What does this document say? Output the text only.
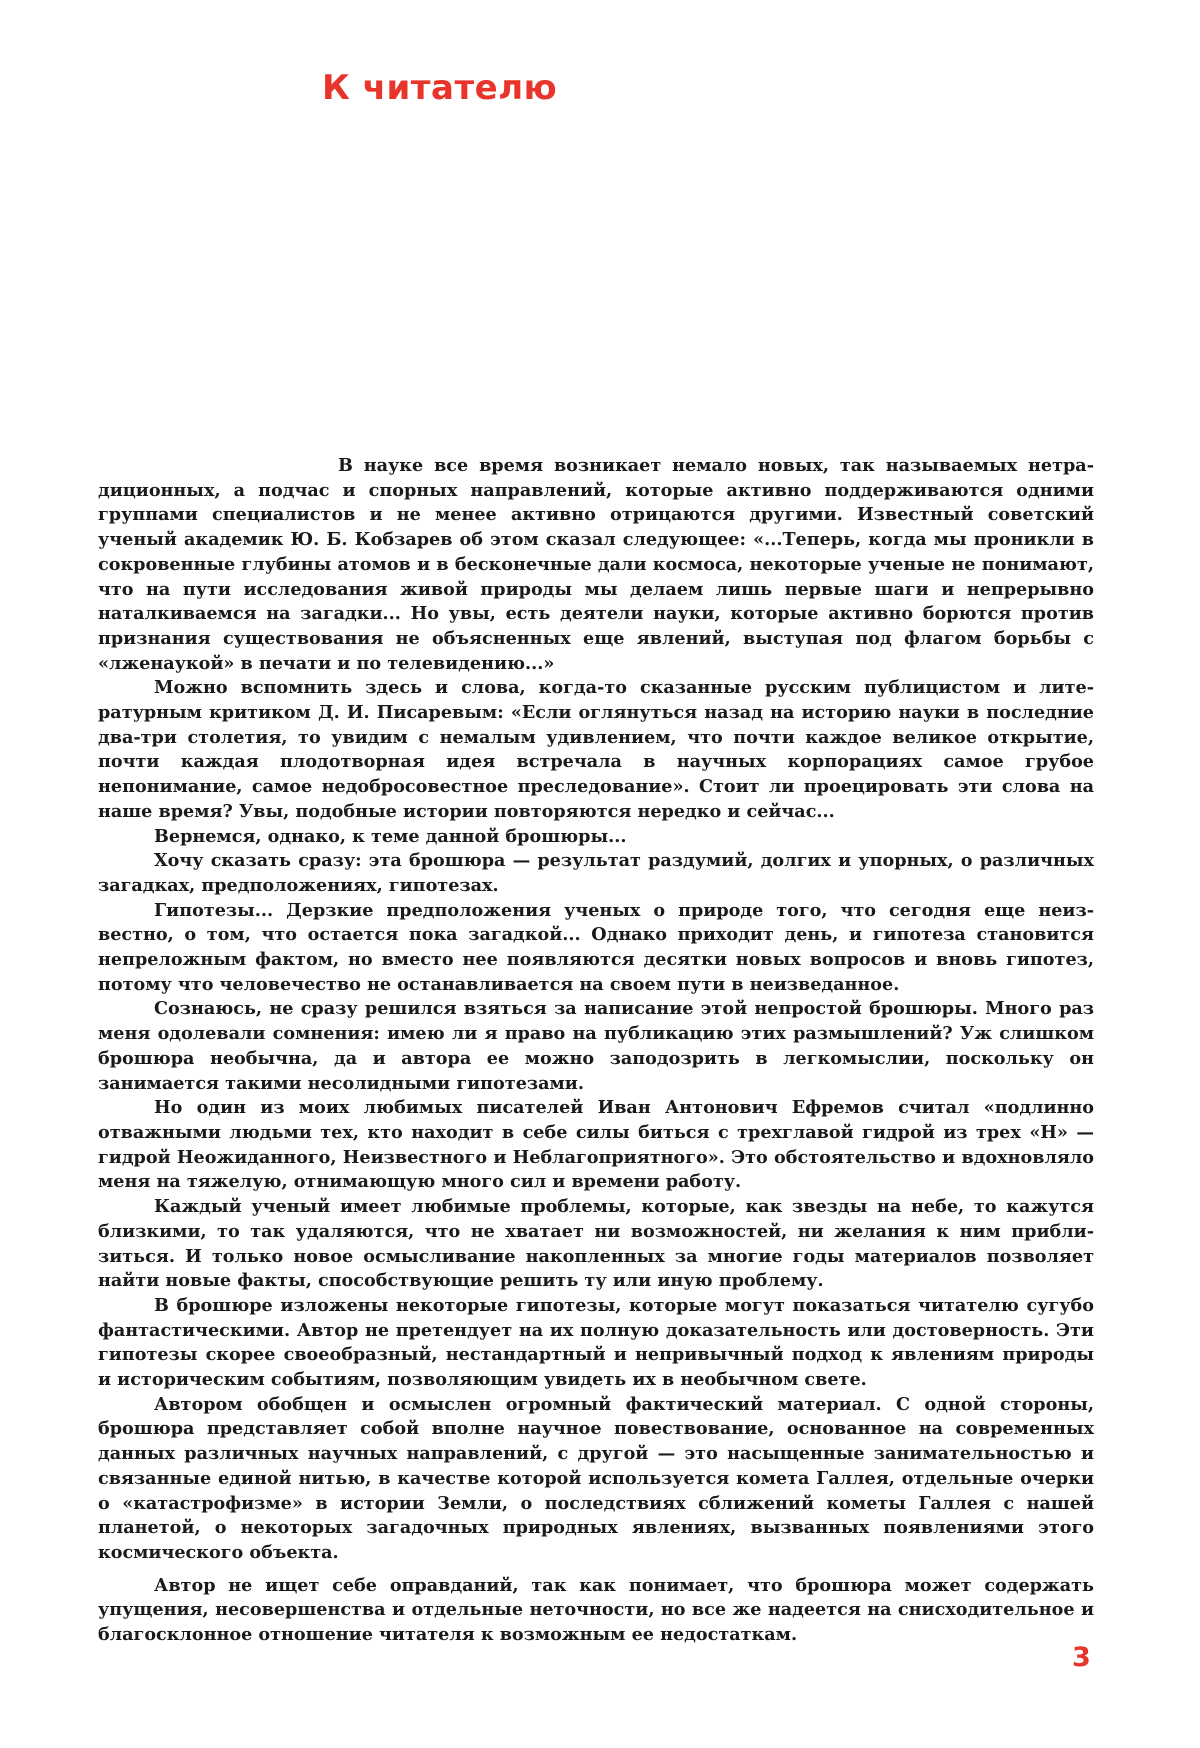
К читателю

В науке все время возникает немало новых, так называемых нетра­диционных, а подчас и спорных направлений, которые активно поддерживаются одними группами специалистов и не менее активно отрицаются другими. Известный советский ученый академик Ю. Б. Кобзарев об этом сказал следующее: «...Теперь, когда мы проник­ли в сокровенные глубины атомов и в бесконечные дали космоса, некоторые ученые не понимают, что на пути исследования живой природы мы делаем лишь первые шаги и непрерывно наталкиваемся на загадки... Но увы, есть деятели науки, которые активно борются против признания существования не объясненных еще явлений, выступая под флагом борьбы с «лженаукой» в печати и по телевидению...»

Можно вспомнить здесь и слова, когда-то сказанные русским публицистом и лите­ратурным критиком Д. И. Писаревым: «Если оглянуться назад на историю науки в последние два-три столетия, то увидим с немалым удивлением, что почти каждое великое открытие, почти каждая плодотворная идея встречала в научных корпорациях самое грубое непонимание, самое недобросовестное преследование». Стоит ли проецировать эти слова на наше время? Увы, подобные истории повторяются нередко и сейчас...

Вернемся, однако, к теме данной брошюры...

Хочу сказать сразу: эта брошюра — результат раздумий, долгих и упорных, о раз­личных загадках, предположениях, гипотезах.

Гипотезы... Дерзкие предположения ученых о природе того, что сегодня еще неиз­вестно, о том, что остается пока загадкой... Однако приходит день, и гипотеза становится непреложным фактом, но вместо нее появляются десятки новых вопросов и вновь гипотез, потому что человечество не останавливается на своем пути в неизведанное.

Сознаюсь, не сразу решился взяться за написание этой непростой брошюры. Мно­го раз меня одолевали сомнения: имею ли я право на публикацию этих размышлений? Уж слишком брошюра необычна, да и автора ее можно заподозрить в легкомыслии, поскольку он занимается такими несолидными гипотезами.

Но один из моих любимых писателей Иван Антонович Ефремов считал «подлинно отважными людьми тех, кто находит в себе силы биться с трехглавой гидрой из трех «Н» — гидрой Неожиданного, Неизвестного и Неблагоприятного». Это обстоятельство и вдохновляло меня на тяжелую, отнимающую много сил и времени работу.

Каждый ученый имеет любимые проблемы, которые, как звезды на небе, то кажутся близкими, то так удаляются, что не хватает ни возможностей, ни желания к ним прибли­зиться. И только новое осмысливание накопленных за многие годы материалов позволя­ет найти новые факты, способствующие решить ту или иную проблему.

В брошюре изложены некоторые гипотезы, которые могут показаться читателю сугубо фантастическими. Автор не претендует на их полную доказательность или досто­верность. Эти гипотезы скорее своеобразный, нестандартный и непривычный подход к я­влениям природы и историческим событиям, позволяющим увидеть их в необычном свете.

Автором обобщен и осмыслен огромный фактический материал. С одной стороны, брошюра представляет собой вполне научное повествование, основанное на современных данных различных научных направлений, с другой — это насыщенные занимательностью и связанные единой нитью, в качестве которой используется комета Галлея, отдельные очерки о «катастрофизме» в истории Земли, о последствиях сближений кометы Галлея с нашей планетой, о некоторых загадочных природных явлениях, вызванных появлениями этого космического объекта.

Автор не ищет себе оправданий, так как понимает, что брошюра может содержать упущения, несовершенства и отдельные неточности, но все же надеется на снисходитель­ное и благосклонное отношение читателя к возможным ее недостаткам.

3
